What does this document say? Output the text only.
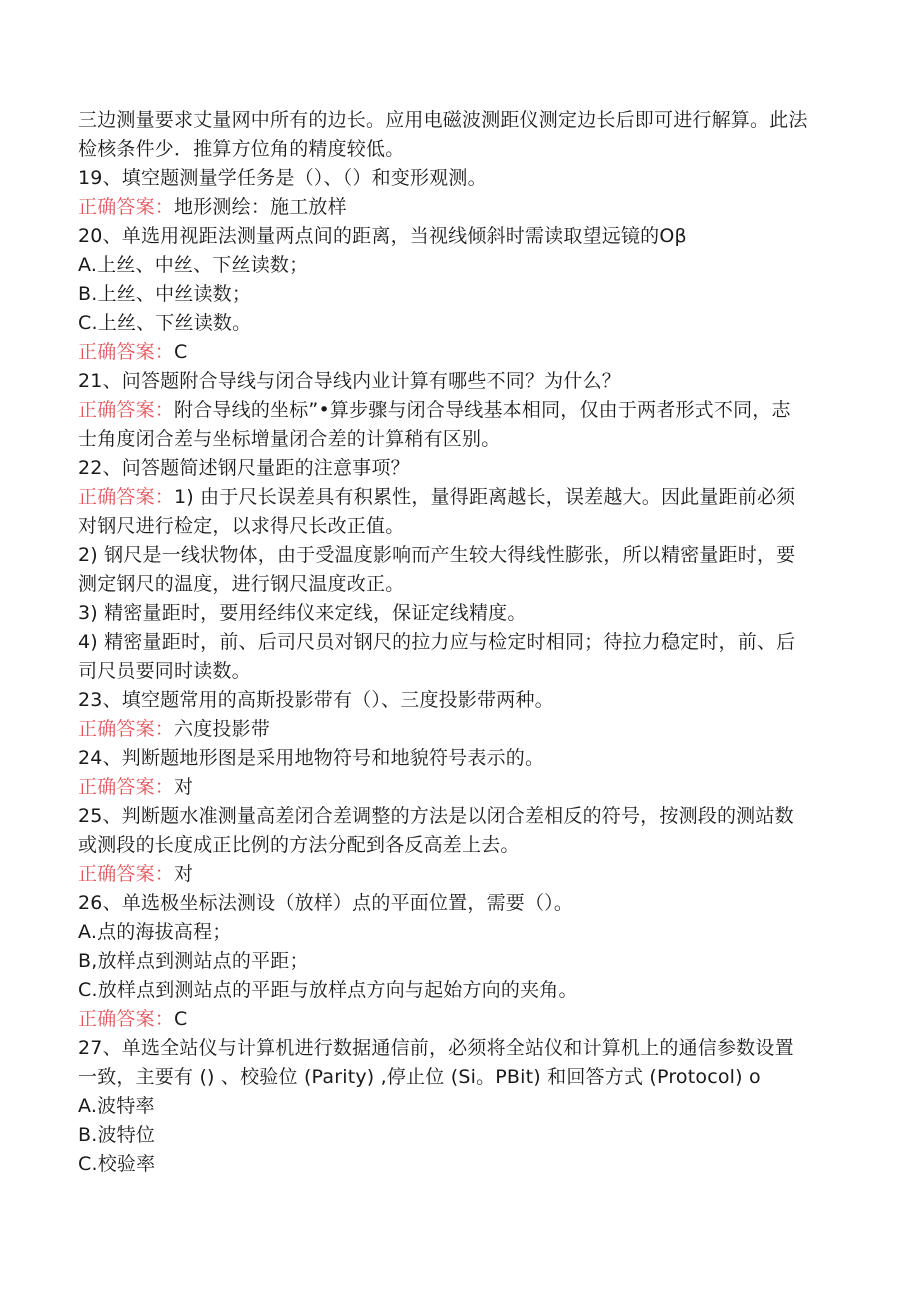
三边测量要求丈量网中所有的边长。应用电磁波测距仪测定边长后即可进行解算。此法
检核条件少．推算方位角的精度较低。
19、填空题测量学任务是（）、（）和变形观测。
正确答案：地形测绘：施工放样
20、单选用视距法测量两点间的距离，当视线倾斜时需读取望远镜的Oβ
A.上丝、中丝、下丝读数；
B.上丝、中丝读数；
C.上丝、下丝读数。
正确答案：C
21、问答题附合导线与闭合导线内业计算有哪些不同？为什么？
正确答案：附合导线的坐标”•算步骤与闭合导线基本相同，仅由于两者形式不同，志
士角度闭合差与坐标增量闭合差的计算稍有区别。
22、问答题简述钢尺量距的注意事项？
正确答案：1) 由于尺长误差具有积累性，量得距离越长，误差越大。因此量距前必须
对钢尺进行检定，以求得尺长改正值。
2) 钢尺是一线状物体，由于受温度影响而产生较大得线性膨张，所以精密量距时，要
测定钢尺的温度，进行钢尺温度改正。
3) 精密量距时，要用经纬仪来定线，保证定线精度。
4) 精密量距时，前、后司尺员对钢尺的拉力应与检定时相同；待拉力稳定时，前、后
司尺员要同时读数。
23、填空题常用的高斯投影带有（）、三度投影带两种。
正确答案：六度投影带
24、判断题地形图是采用地物符号和地貌符号表示的。
正确答案：对
25、判断题水准测量高差闭合差调整的方法是以闭合差相反的符号，按测段的测站数
或测段的长度成正比例的方法分配到各反高差上去。
正确答案：对
26、单选极坐标法测设（放样）点的平面位置，需要（）。
A.点的海拔高程；
B,放样点到测站点的平距；
C.放样点到测站点的平距与放样点方向与起始方向的夹角。
正确答案：C
27、单选全站仪与计算机进行数据通信前，必须将全站仪和计算机上的通信参数设置
一致，主要有 () 、校验位 (Parity) ,停止位 (Si。PBit) 和回答方式 (Protocol) o
A.波特率
B.波特位
C.校验率
